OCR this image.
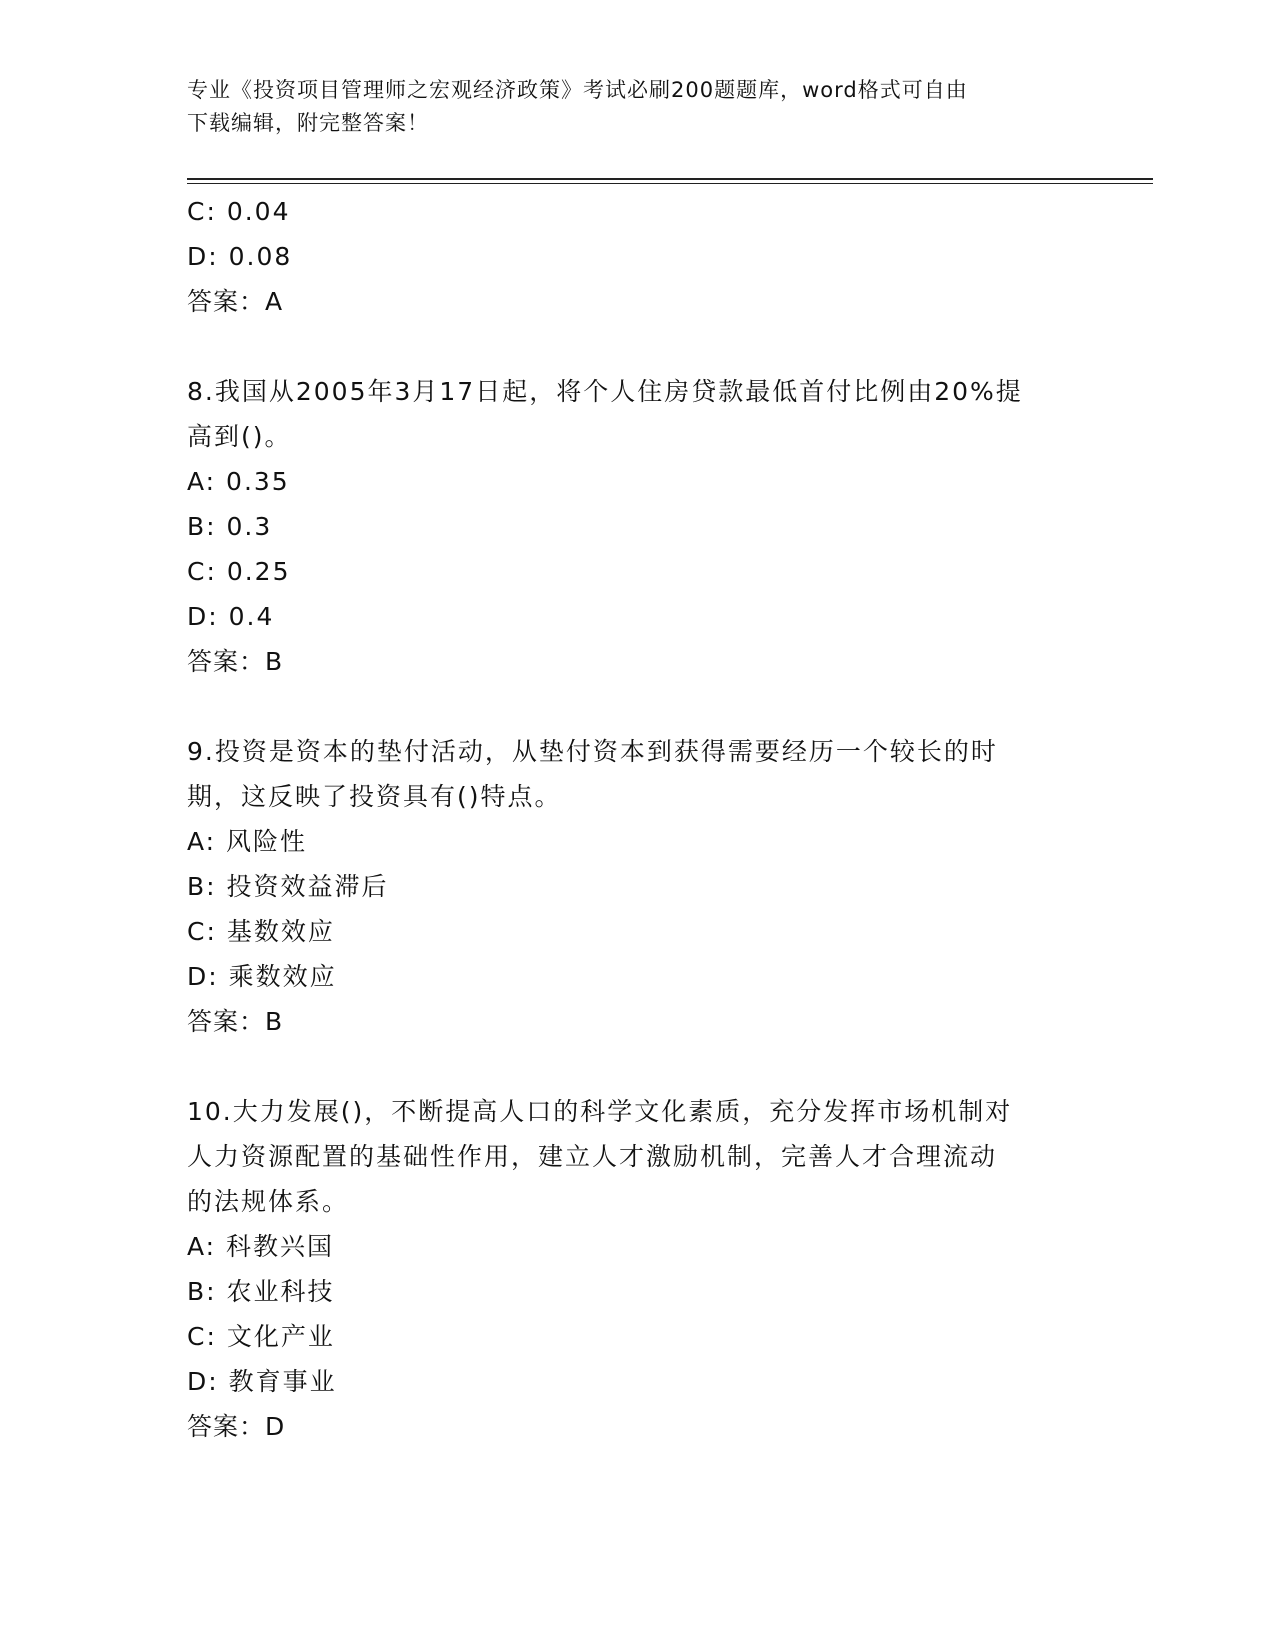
专业《投资项目管理师之宏观经济政策》考试必刷200题题库，word格式可自由
下载编辑，附完整答案！
C: 0.04
D: 0.08
答案：A
8.我国从2005年3月17日起，将个人住房贷款最低首付比例由20%提
高到()。
A: 0.35
B: 0.3
C: 0.25
D: 0.4
答案：B
9.投资是资本的垫付活动，从垫付资本到获得需要经历一个较长的时
期，这反映了投资具有()特点。
A: 风险性
B: 投资效益滞后
C: 基数效应
D: 乘数效应
答案：B
10.大力发展()，不断提高人口的科学文化素质，充分发挥市场机制对
人力资源配置的基础性作用，建立人才激励机制，完善人才合理流动
的法规体系。
A: 科教兴国
B: 农业科技
C: 文化产业
D: 教育事业
答案：D
